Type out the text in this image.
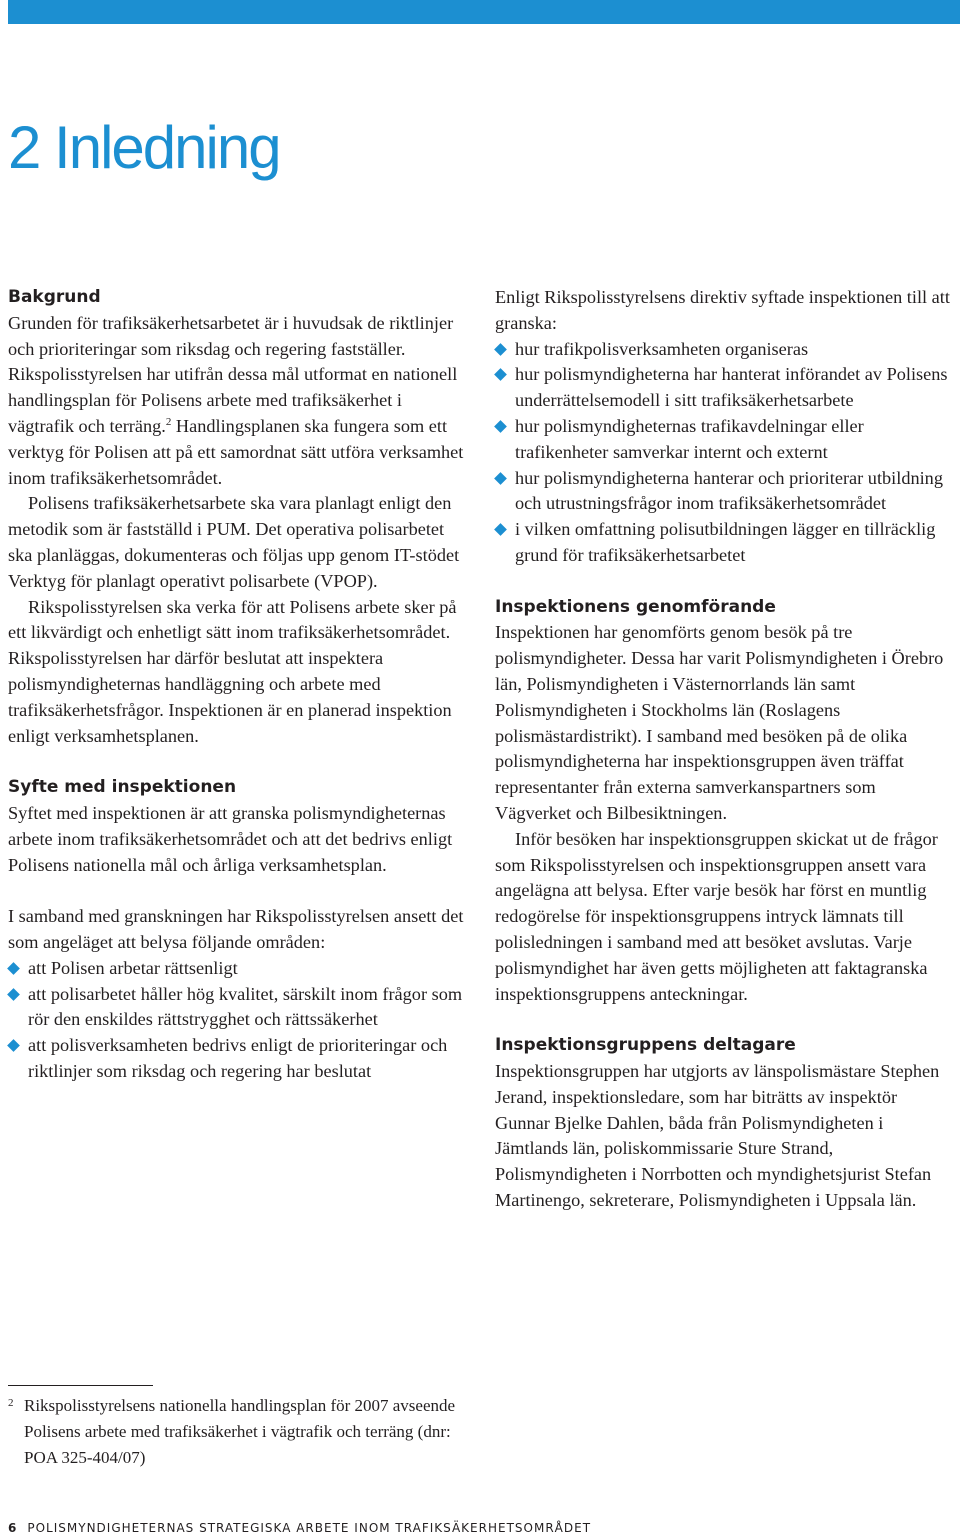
2 Inledning
Bakgrund

Grunden för trafiksäkerhetsarbetet är i huvudsak de riktlinjer och prioriteringar som riksdag och regering fastställer. Rikspolisstyrelsen har utifrån dessa mål utformat en nationell handlingsplan för Polisens arbete med trafiksäkerhet i vägtrafik och terräng.$^2$ Handlingsplanen ska fungera som ett verktyg för Polisen att på ett samordnat sätt utföra verksamhet inom trafiksäkerhetsområdet.

Polisens trafiksäkerhetsarbete ska vara planlagt enligt den metodik som är fastställd i PUM. Det operativa polisarbetet ska planläggas, dokumenteras och följas upp genom IT-stödet Verktyg för planlagt operativt polisarbete (VPOP).

Rikspolisstyrelsen ska verka för att Polisens arbete sker på ett likvärdigt och enhetligt sätt inom trafiksäkerhetsområdet. Rikspolisstyrelsen har därför beslutat att inspektera polismyndigheternas handläggning och arbete med trafiksäkerhetsfrågor. Inspektionen är en planerad inspektion enligt verksamhetsplanen.

Syfte med inspektionen

Syftet med inspektionen är att granska polismyndigheternas arbete inom trafiksäkerhetsområdet och att det bedrivs enligt Polisens nationella mål och årliga verksamhetsplan.

I samband med granskningen har Rikspolisstyrelsen ansett det som angeläget att belysa följande områden:

att Polisen arbetar rättsenligt
att polisarbetet håller hög kvalitet, särskilt inom frågor som rör den enskildes rättstrygghet och rättssäkerhet
att polisverksamheten bedrivs enligt de prioriteringar och riktlinjer som riksdag och regering har beslutat

Enligt Rikspolisstyrelsens direktiv syftade inspektionen till att granska:

hur trafikpolisverksamheten organiseras
hur polismyndigheterna har hanterat införandet av Polisens underrättelsemodell i sitt trafiksäkerhetsarbete
hur polismyndigheternas trafikavdelningar eller trafikenheter samverkar internt och externt
hur polismyndigheterna hanterar och prioriterar utbildning och utrustningsfrågor inom trafiksäkerhetsområdet
i vilken omfattning polisutbildningen lägger en tillräcklig grund för trafiksäkerhetsarbetet
Inspektionens genomförande

Inspektionen har genomförts genom besök på tre polismyndigheter. Dessa har varit Polismyndigheten i Örebro län, Polismyndigheten i Västernorrlands län samt Polismyndigheten i Stockholms län (Roslagens polismästardistrikt). I samband med besöken på de olika polismyndigheterna har inspektionsgruppen även träffat representanter från externa samverkanspartners som Vägverket och Bilbesiktningen.

Inför besöken har inspektionsgruppen skickat ut de frågor som Rikspolisstyrelsen och inspektionsgruppen ansett vara angelägna att belysa. Efter varje besök har först en muntlig redogörelse för inspektionsgruppens intryck lämnats till polisledningen i samband med att besöket avslutas. Varje polismyndighet har även getts möjligheten att faktagranska inspektionsgruppens anteckningar.

Inspektionsgruppens deltagare

Inspektionsgruppen har utgjorts av länspolismästare Stephen Jerand, inspektionsledare, som har biträtts av inspektör Gunnar Bjelke Dahlen, båda från Polismyndigheten i Jämtlands län, poliskommissarie Sture Strand, Polismyndigheten i Norrbotten och myndighetsjurist Stefan Martinengo, sekreterare, Polismyndigheten i Uppsala län.

2 Rikspolisstyrelsens nationella handlingsplan för 2007 avseende Polisens arbete med trafiksäkerhet i vägtrafik och terräng (dnr: POA 325-404/07)
6 POLISMYNDIGHETERNAS STRATEGISKA ARBETE INOM TRAFIKSÄKERHETSOMRÅDET
